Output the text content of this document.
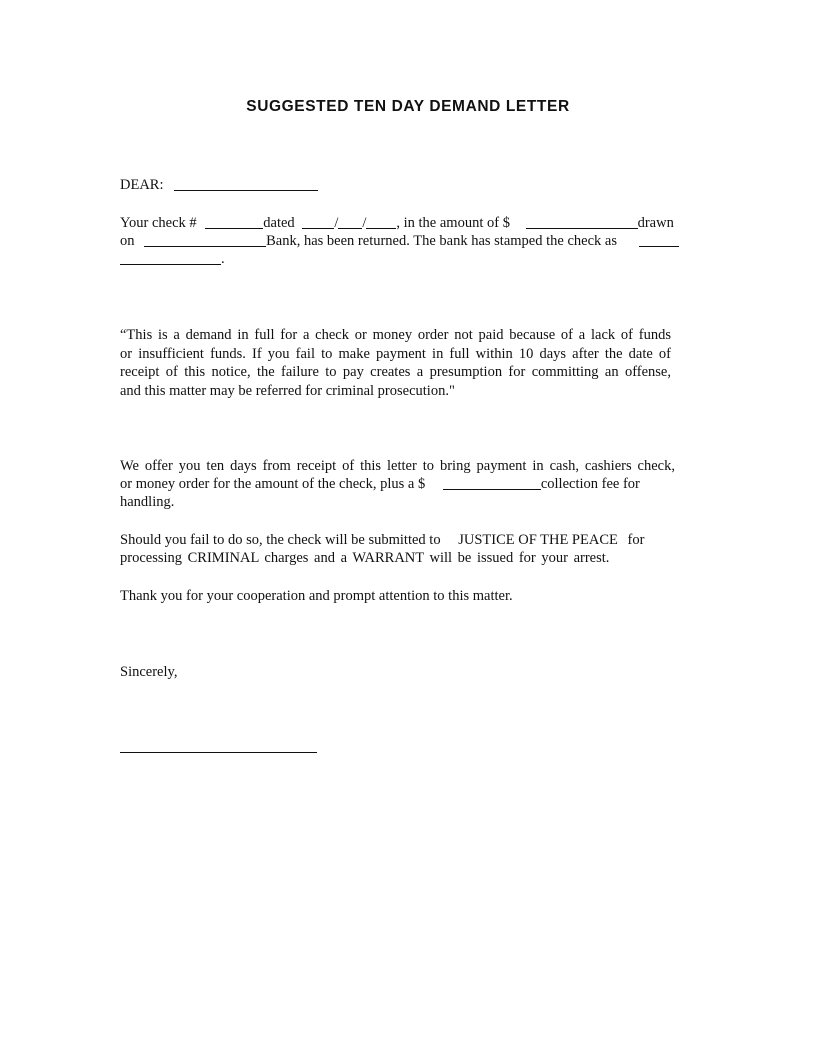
SUGGESTED TEN DAY DEMAND LETTER
DEAR:
Your check #	dated	/ / , in the amount of $	drawn
on	Bank, has been returned. The bank has stamped the check as
.
“This is a demand in full for a check or money order not paid because of a lack of funds
or insufficient funds. If you fail to make payment in full within 10 days after the date of
receipt of this notice, the failure to pay creates a presumption for committing an offense,
and this matter may be referred for criminal prosecution."
We offer you ten days from receipt of this letter to bring payment in cash, cashiers check,
or money order for the amount of the check, plus a $	collection fee for
handling.
Should you fail to do so, the check will be submitted to JUSTICE OF THE PEACE for
processing CRIMINAL charges and a WARRANT will be issued for your arrest.
Thank you for your cooperation and prompt attention to this matter.
Sincerely,
